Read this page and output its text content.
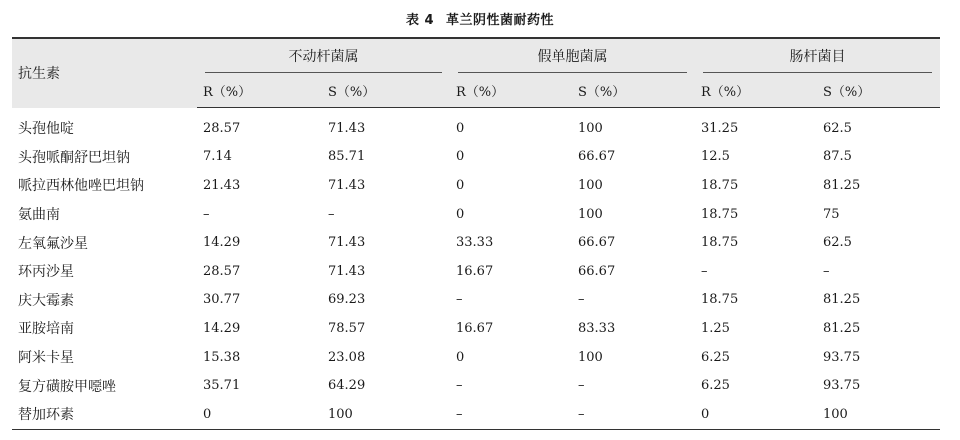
表 4 革兰阴性菌耐药性
抗生素	不动杆菌属		假单胞菌属		肠杆菌目	

	R（%）	S（%）	R（%）	S（%）	R（%）	S（%）
头孢他啶	28.57	71.43	0	100	31.25	62.5
头孢哌酮舒巴坦钠	7.14	85.71	0	66.67	12.5	87.5
哌拉西林他唑巴坦钠	21.43	71.43	0	100	18.75	81.25
氨曲南	–	–	0	100	18.75	75
左氧氟沙星	14.29	71.43	33.33	66.67	18.75	62.5
环丙沙星	28.57	71.43	16.67	66.67	–	–
庆大霉素	30.77	69.23	–	–	18.75	81.25
亚胺培南	14.29	78.57	16.67	83.33	1.25	81.25
阿米卡星	15.38	23.08	0	100	6.25	93.75
复方磺胺甲噁唑	35.71	64.29	–	–	6.25	93.75
替加环素	0	100	–	–	0	100
